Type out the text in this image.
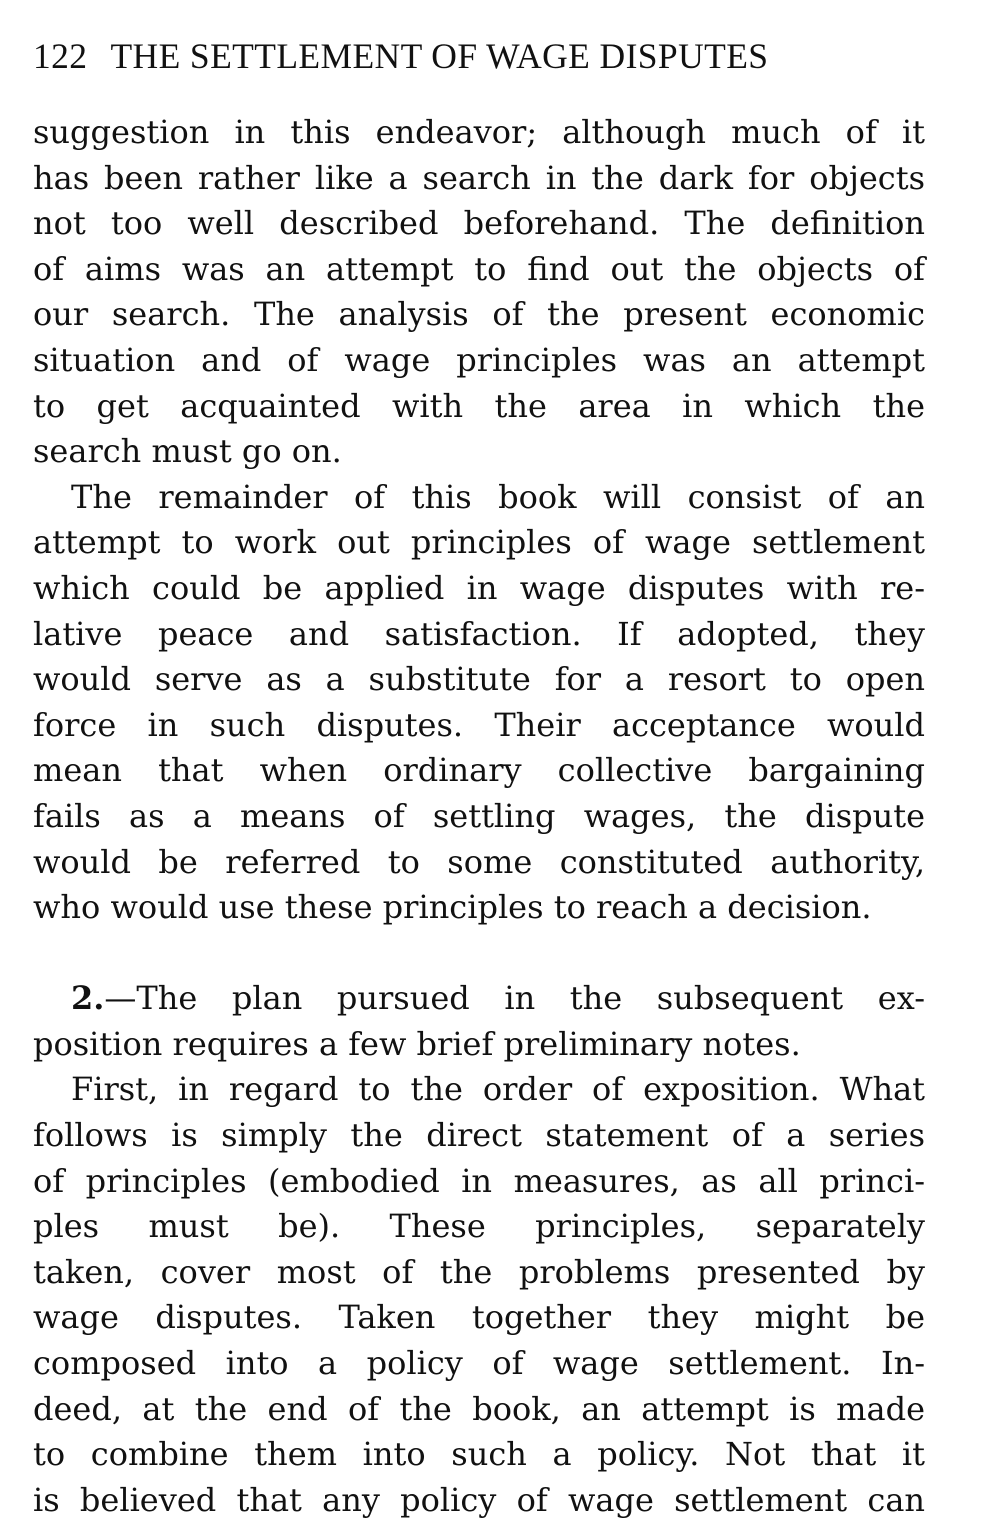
122 THE SETTLEMENT OF WAGE DISPUTES
suggestion in this endeavor; although much of it
has been rather like a search in the dark for objects
not too well described beforehand. The definition
of aims was an attempt to find out the objects of
our search. The analysis of the present economic
situation and of wage principles was an attempt
to get acquainted with the area in which the
search must go on.
The remainder of this book will consist of an
attempt to work out principles of wage settlement
which could be applied in wage disputes with re-
lative peace and satisfaction. If adopted, they
would serve as a substitute for a resort to open
force in such disputes. Their acceptance would
mean that when ordinary collective bargaining
fails as a means of settling wages, the dispute
would be referred to some constituted authority,
who would use these principles to reach a decision.
2.—The plan pursued in the subsequent ex-
position requires a few brief preliminary notes.
First, in regard to the order of exposition. What
follows is simply the direct statement of a series
of principles (embodied in measures, as all princi-
ples must be). These principles, separately
taken, cover most of the problems presented by
wage disputes. Taken together they might be
composed into a policy of wage settlement. In-
deed, at the end of the book, an attempt is made
to combine them into such a policy. Not that it
is believed that any policy of wage settlement can
